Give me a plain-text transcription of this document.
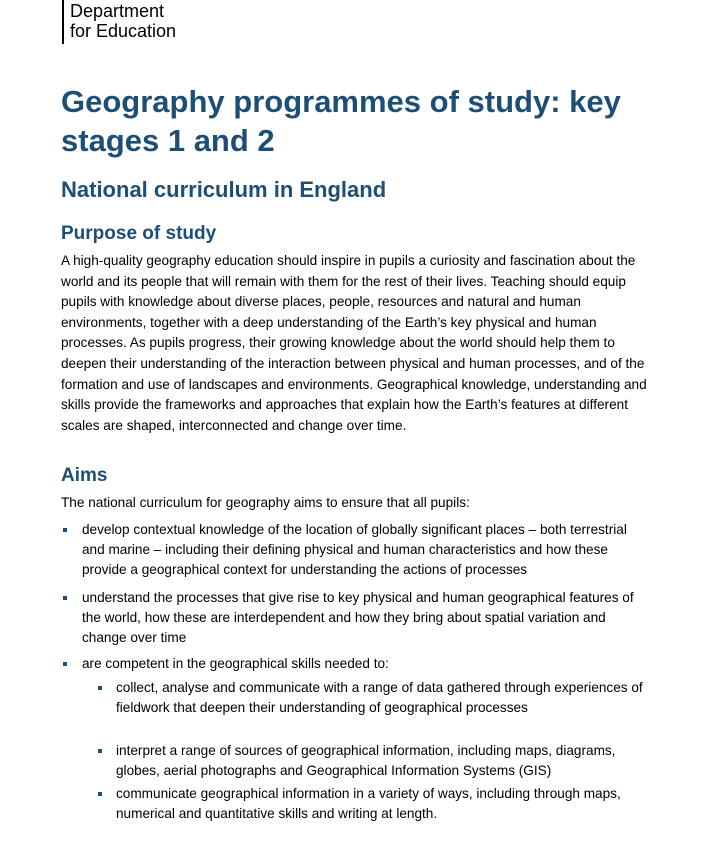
Department
for Education
Geography programmes of study: key stages 1 and 2
National curriculum in England
Purpose of study

A high-quality geography education should inspire in pupils a curiosity and fascination about the world and its people that will remain with them for the rest of their lives. Teaching should equip pupils with knowledge about diverse places, people, resources and natural and human environments, together with a deep understanding of the Earth’s key physical and human processes. As pupils progress, their growing knowledge about the world should help them to deepen their understanding of the interaction between physical and human processes, and of the formation and use of landscapes and environments. Geographical knowledge, understanding and skills provide the frameworks and approaches that explain how the Earth’s features at different scales are shaped, interconnected and change over time.

Aims

The national curriculum for geography aims to ensure that all pupils:

develop contextual knowledge of the location of globally significant places – both terrestrial and marine – including their defining physical and human characteristics and how these provide a geographical context for understanding the actions of processes
understand the processes that give rise to key physical and human geographical features of the world, how these are interdependent and how they bring about spatial variation and change over time
are competent in the geographical skills needed to:
collect, analyse and communicate with a range of data gathered through experiences of fieldwork that deepen their understanding of geographical processes
interpret a range of sources of geographical information, including maps, diagrams, globes, aerial photographs and Geographical Information Systems (GIS)
communicate geographical information in a variety of ways, including through maps, numerical and quantitative skills and writing at length.
